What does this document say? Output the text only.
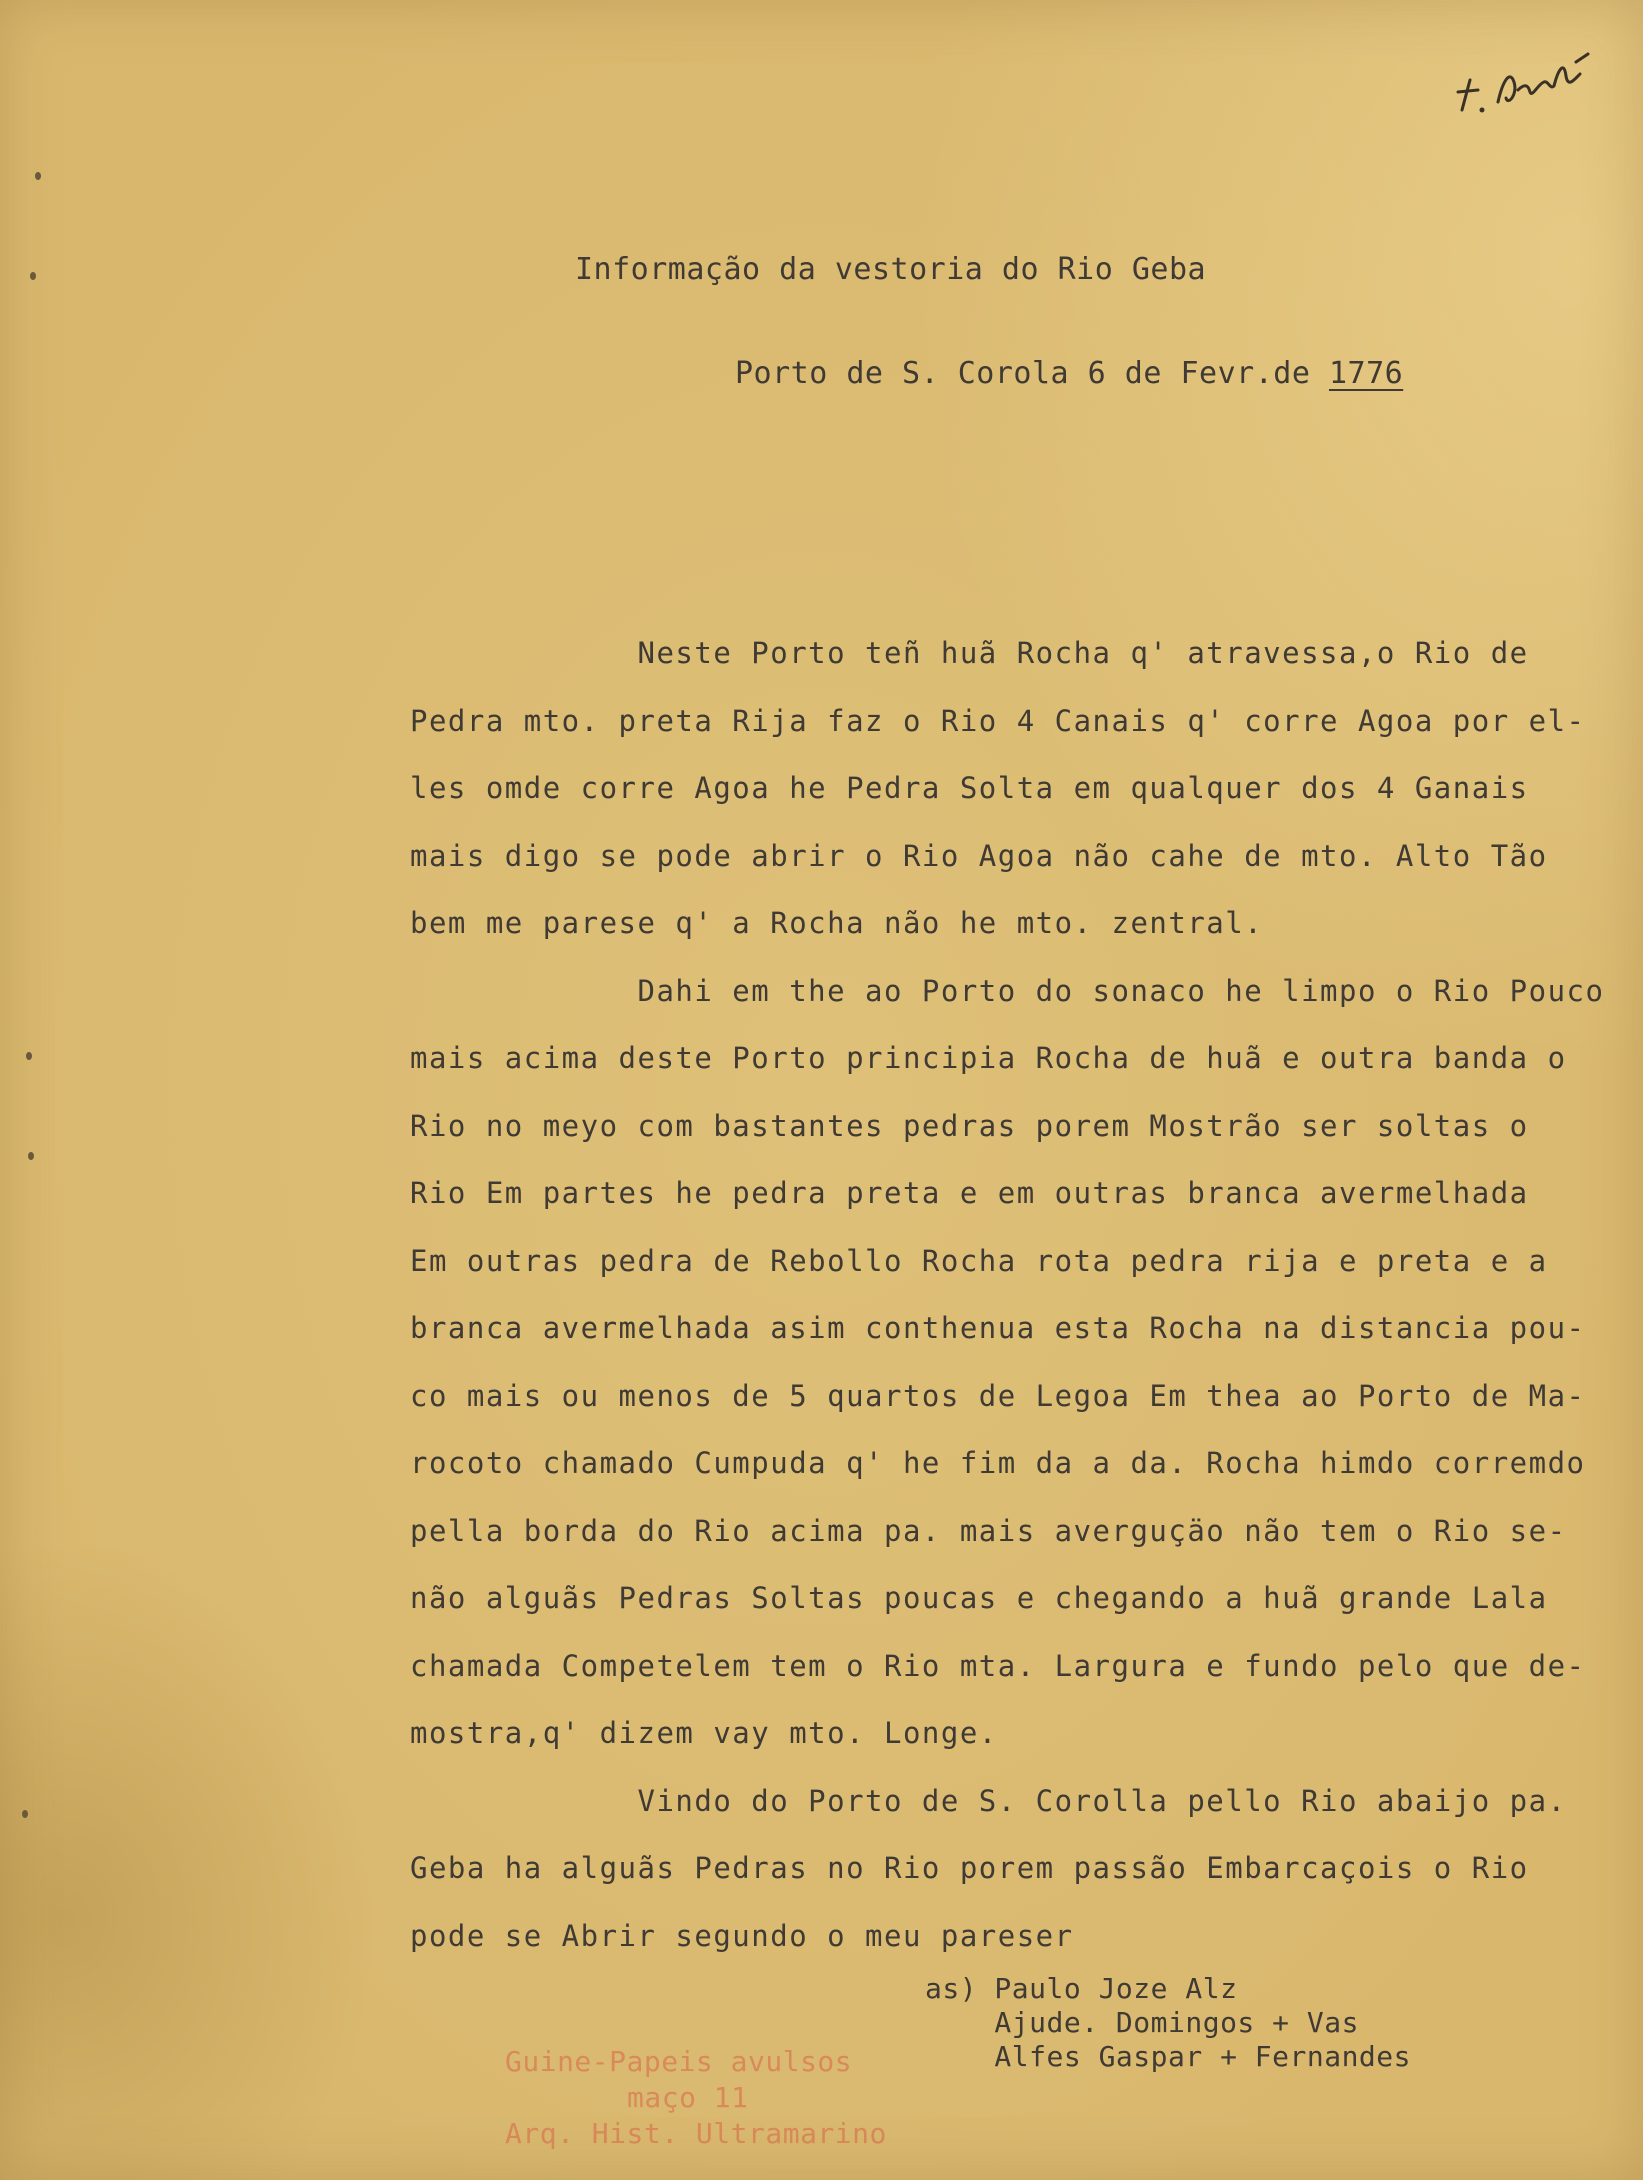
Informação da vestoria do Rio Geba
Porto de S. Corola 6 de Fevr.de 1776
Neste Porto teñ huã Rocha q' atravessa,o Rio de
Pedra mto. preta Rija faz o Rio 4 Canais q' corre Agoa por el-
les omde corre Agoa he Pedra Solta em qualquer dos 4 Ganais
mais digo se pode abrir o Rio Agoa não cahe de mto. Alto Tão
bem me parese q' a Rocha não he mto. zentral.
Dahi em the ao Porto do sonaco he limpo o Rio Pouco
mais acima deste Porto principia Rocha de huã e outra banda o
Rio no meyo com bastantes pedras porem Mostrão ser soltas o
Rio Em partes he pedra preta e em outras branca avermelhada
Em outras pedra de Rebollo Rocha rota pedra rija e preta e a
branca avermelhada asim conthenua esta Rocha na distancia pou-
co mais ou menos de 5 quartos de Legoa Em thea ao Porto de Ma-
rocoto chamado Cumpuda q' he fim da a da. Rocha himdo corremdo
pella borda do Rio acima pa. mais averguçäo não tem o Rio se-
não alguãs Pedras Soltas poucas e chegando a huã grande Lala
chamada Competelem tem o Rio mta. Largura e fundo pelo que de-
mostra,q' dizem vay mto. Longe.
Vindo do Porto de S. Corolla pello Rio abaijo pa.
Geba ha alguãs Pedras no Rio porem passão Embarcaçois o Rio
pode se Abrir segundo o meu pareser
as) Paulo Joze Alz
Ajude. Domingos + Vas
Alfes Gaspar + Fernandes
Guine-Papeis avulsos
maço 11
Arq. Hist. Ultramarino
